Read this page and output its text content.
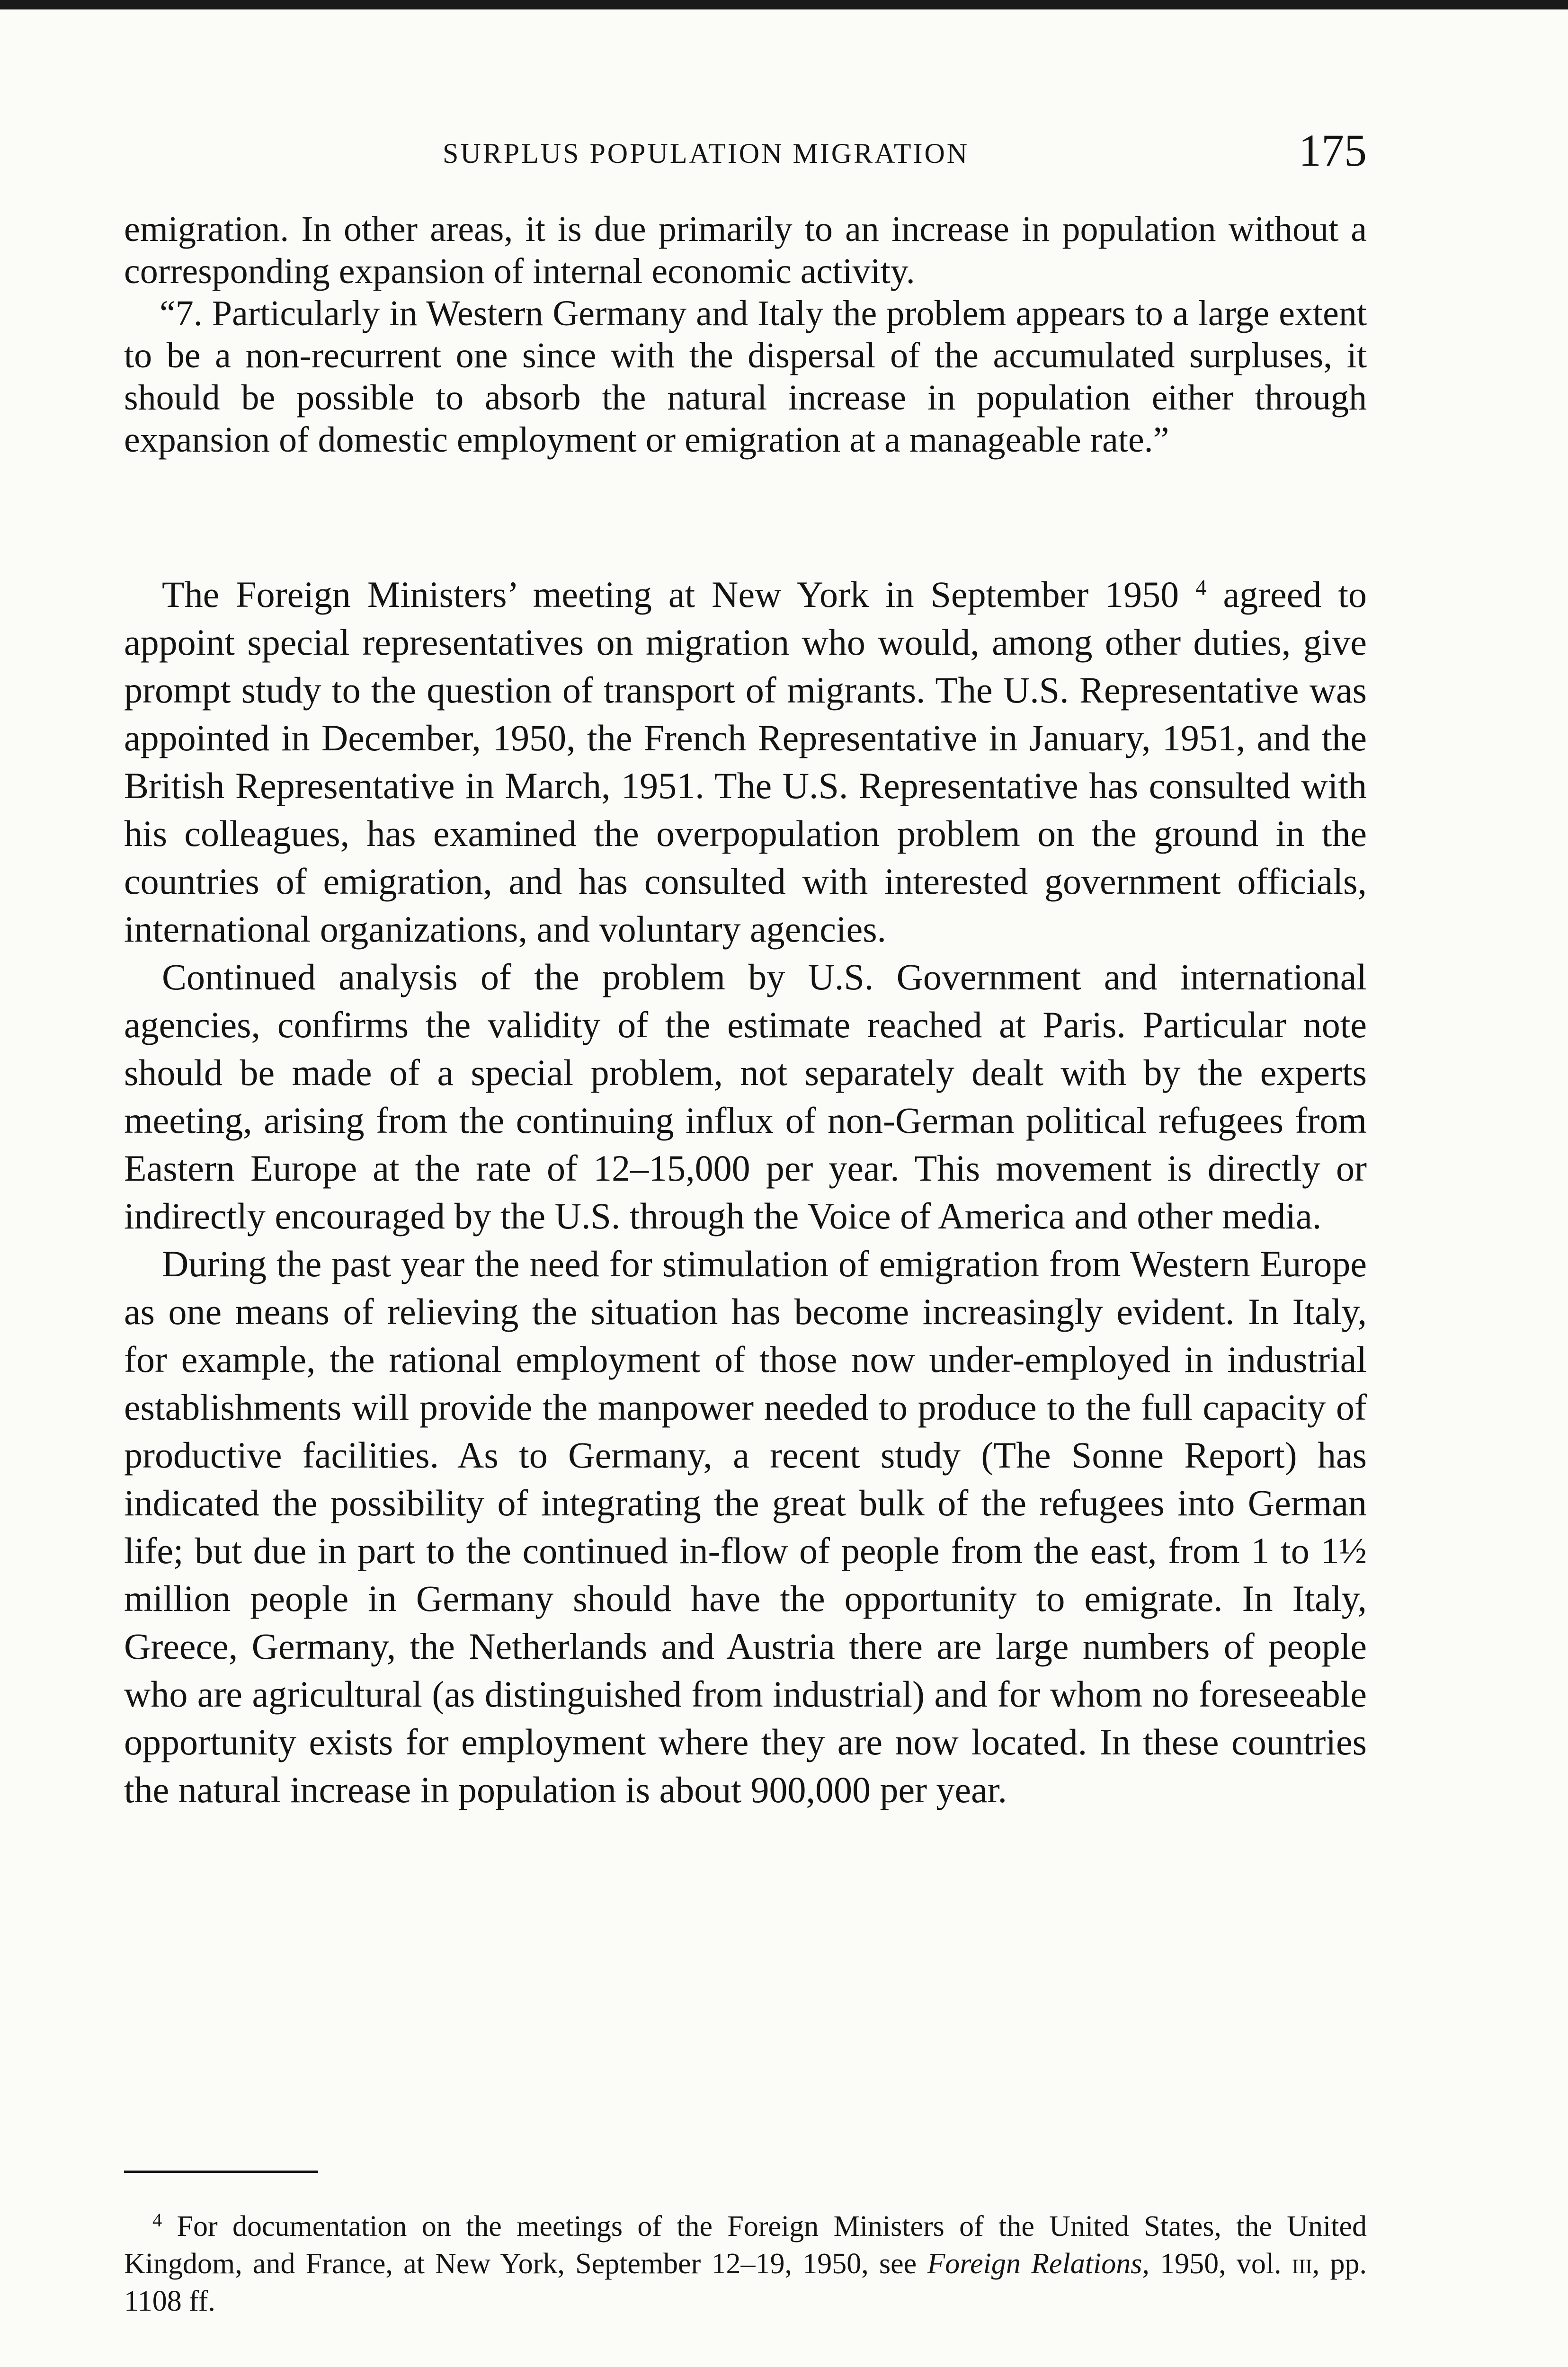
SURPLUS POPULATION MIGRATION	175

emigration. In other areas, it is due primarily to an increase in population without a corresponding expansion of internal economic activity.

“7. Particularly in Western Germany and Italy the problem appears to a large extent to be a non-recurrent one since with the dispersal of the accumulated surpluses, it should be possible to absorb the natural increase in population either through expansion of domestic employment or emigration at a manageable rate.”

The Foreign Ministers’ meeting at New York in September 1950 $^4$ agreed to appoint special representatives on migration who would, among other duties, give prompt study to the question of transport of migrants. The U.S. Representative was appointed in December, 1950, the French Representative in January, 1951, and the British Representative in March, 1951. The U.S. Representative has consulted with his colleagues, has examined the overpopulation problem on the ground in the countries of emigration, and has consulted with interested government officials, international organizations, and voluntary agencies.

Continued analysis of the problem by U.S. Government and international agencies, confirms the validity of the estimate reached at Paris. Particular note should be made of a special problem, not separately dealt with by the experts meeting, arising from the continuing influx of non-German political refugees from Eastern Europe at the rate of 12–15,000 per year. This movement is directly or indirectly encouraged by the U.S. through the Voice of America and other media.

During the past year the need for stimulation of emigration from Western Europe as one means of relieving the situation has become increasingly evident. In Italy, for example, the rational employment of those now under-employed in industrial establishments will provide the manpower needed to produce to the full capacity of productive facilities. As to Germany, a recent study (The Sonne Report) has indicated the possibility of integrating the great bulk of the refugees into German life; but due in part to the continued in-flow of people from the east, from 1 to 1½ million people in Germany should have the opportunity to emigrate. In Italy, Greece, Germany, the Netherlands and Austria there are large numbers of people who are agricultural (as distinguished from industrial) and for whom no foreseeable opportunity exists for employment where they are now located. In these countries the natural increase in population is about 900,000 per year.

$^4$ For documentation on the meetings of the Foreign Ministers of the United States, the United Kingdom, and France, at New York, September 12–19, 1950, see Foreign Relations, 1950, vol. iii, pp. 1108 ff.
